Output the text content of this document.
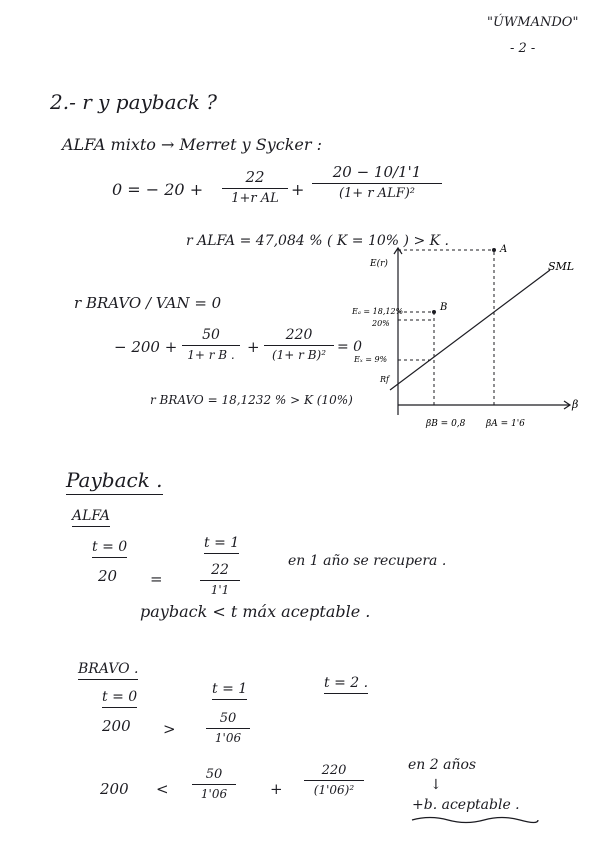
"ÚWMANDO"
- 2 -
2.- r y payback ?
ALFA mixto → Merret y Sycker :
0 = − 20 +
22
1+r AL +
20 − 10/1'1
(1+ r ALF)²
r ALFA = 47,084 % ( K = 10% ) > K .
r BRAVO / VAN = 0
− 200 +
50
1+ r B . +
220
(1+ r B)² = 0
r BRAVO = 18,1232 % > K (10%)
A
B
SML
β
E(r)
Eₐ = 18,12%
20%
Eₓ = 9%
Rf
βB = 0,8 βA = 1'6
Payback .
ALFA
t = 0
20 =
t = 1
22
1'1
en 1 año se recupera .
payback < t máx aceptable .
BRAVO .
t = 0
200 >
t = 1
50
1'06
t = 2 .
200 <
50
1'06	+
220
(1'06)²
en 2 años
↓
+b. aceptable .
